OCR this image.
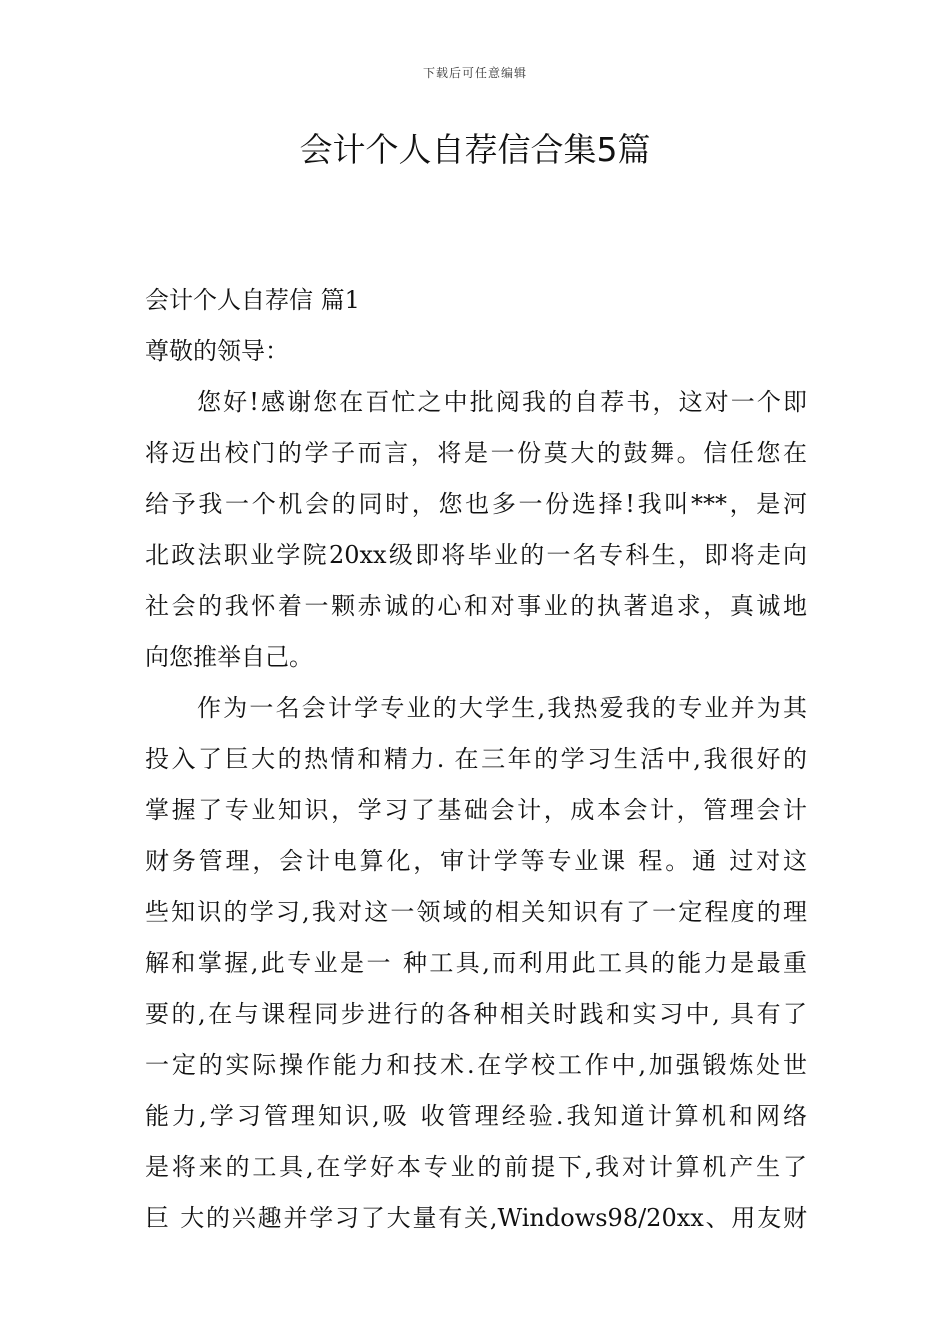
下载后可任意编辑
会计个人自荐信合集5篇

会计个人自荐信 篇1

尊敬的领导：

您好!感谢您在百忙之中批阅我的自荐书，这对一个即

将迈出校门的学子而言，将是一份莫大的鼓舞。信任您在

给予我一个机会的同时，您也多一份选择!我叫***，是河

北政法职业学院20xx级即将毕业的一名专科生，即将走向

社会的我怀着一颗赤诚的心和对事业的执著追求，真诚地

向您推举自己。

作为一名会计学专业的大学生,我热爱我的专业并为其

投入了巨大的热情和精力. 在三年的学习生活中,我很好的

掌握了专业知识，学习了基础会计，成本会计，管理会计

财务管理，会计电算化，审计学等专业课 程。通 过对这

些知识的学习,我对这一领域的相关知识有了一定程度的理

解和掌握,此专业是一 种工具,而利用此工具的能力是最重

要的,在与课程同步进行的各种相关时践和实习中, 具有了

一定的实际操作能力和技术.在学校工作中,加强锻炼处世

能力,学习管理知识,吸 收管理经验.我知道计算机和网络

是将来的工具,在学好本专业的前提下,我对计算机产生了

巨 大的兴趣并学习了大量有关,Windows98/20xx、用友财
